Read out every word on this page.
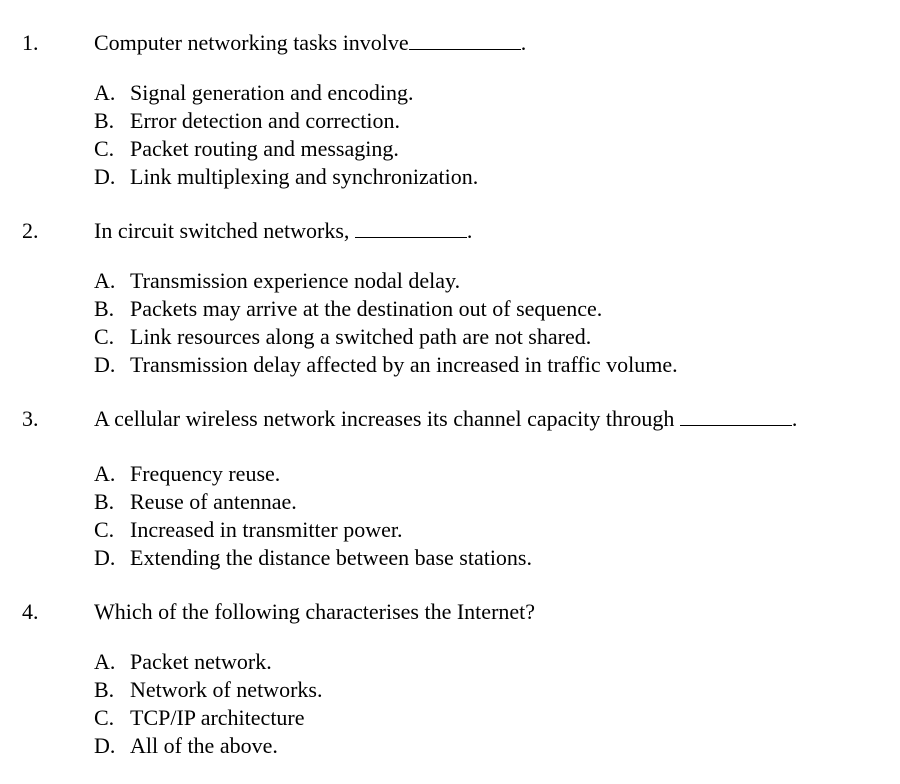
1.	Computer networking tasks involve	.
A. Signal generation and encoding.
B. Error detection and correction.
C. Packet routing and messaging.
D. Link multiplexing and synchronization.
2.	In circuit switched networks,	.
A. Transmission experience nodal delay.
B. Packets may arrive at the destination out of sequence.
C. Link resources along a switched path are not shared.
D. Transmission delay affected by an increased in traffic volume.
3.	A cellular wireless network increases its channel capacity through	.
A. Frequency reuse.
B. Reuse of antennae.
C. Increased in transmitter power.
D. Extending the distance between base stations.
4.	Which of the following characterises the Internet?
A. Packet network.
B. Network of networks.
C. TCP/IP architecture
D. All of the above.
